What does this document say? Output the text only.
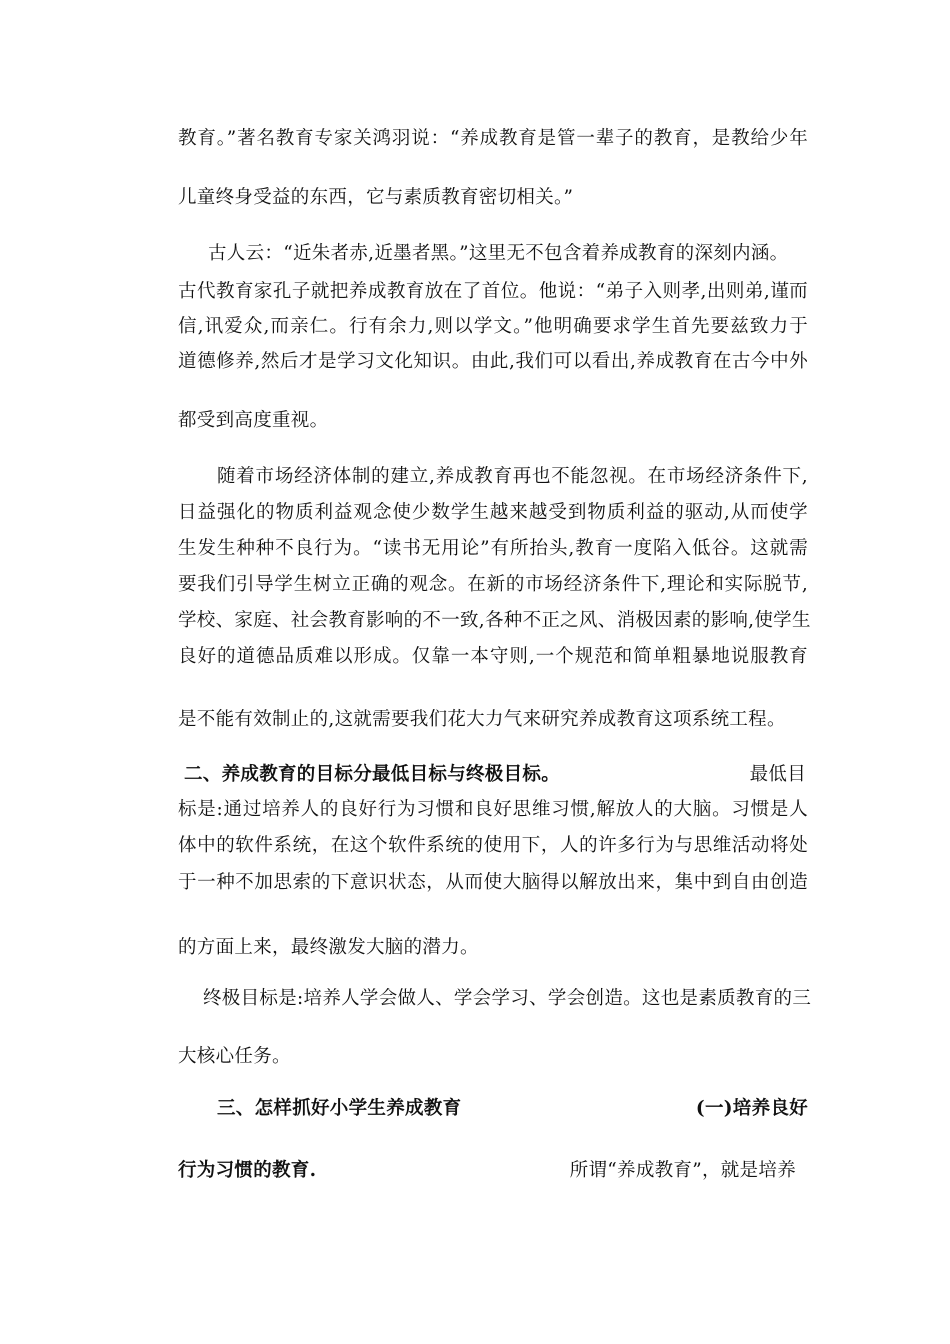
教育。”著名教育专家关鸿羽说：“养成教育是管一辈子的教育，是教给少年
儿童终身受益的东西，它与素质教育密切相关。”
古人云：“近朱者赤,近墨者黑。”这里无不包含着养成教育的深刻内涵。
古代教育家孔子就把养成教育放在了首位。他说：“弟子入则孝,出则弟,谨而
信,讯爱众,而亲仁。行有余力,则以学文。”他明确要求学生首先要兹致力于
道德修养,然后才是学习文化知识。由此,我们可以看出,养成教育在古今中外
都受到高度重视。
随着市场经济体制的建立,养成教育再也不能忽视。在市场经济条件下,
日益强化的物质利益观念使少数学生越来越受到物质利益的驱动,从而使学
生发生种种不良行为。“读书无用论”有所抬头,教育一度陷入低谷。这就需
要我们引导学生树立正确的观念。在新的市场经济条件下,理论和实际脱节,
学校、家庭、社会教育影响的不一致,各种不正之风、消极因素的影响,使学生
良好的道德品质难以形成。仅靠一本守则,一个规范和简单粗暴地说服教育
是不能有效制止的,这就需要我们花大力气来研究养成教育这项系统工程。
二、养成教育的目标分最低目标与终极目标。	最低目
标是:通过培养人的良好行为习惯和良好思维习惯,解放人的大脑。习惯是人
体中的软件系统，在这个软件系统的使用下，人的许多行为与思维活动将处
于一种不加思索的下意识状态，从而使大脑得以解放出来，集中到自由创造
的方面上来，最终激发大脑的潜力。
终极目标是:培养人学会做人、学会学习、学会创造。这也是素质教育的三
大核心任务。
三、怎样抓好小学生养成教育	(一)培养良好
行为习惯的教育.	所谓“养成教育”，就是培养
